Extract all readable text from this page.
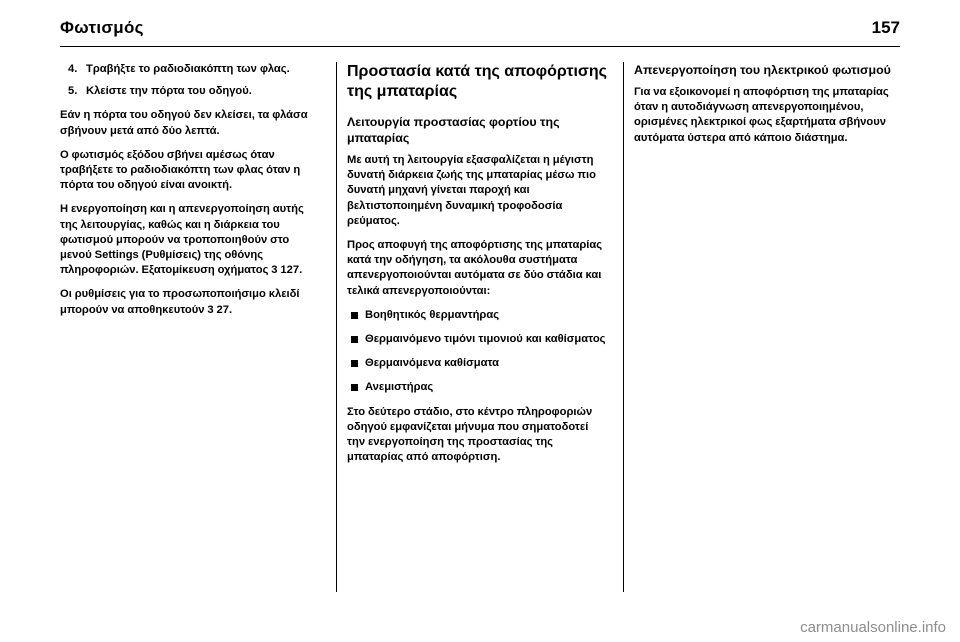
Φωτισμός	157
4. Τραβήξτε το ραδιοδιακόπτη των φλας.
5. Κλείστε την πόρτα του οδηγού.

Εάν η πόρτα του οδηγού δεν κλείσει, τα φλάσα σβήνουν μετά από δύο λεπτά.

Ο φωτισμός εξόδου σβήνει αμέσως όταν τραβήξετε το ραδιοδιακόπτη των φλας όταν η πόρτα του οδηγού είναι ανοικτή.

Η ενεργοποίηση και η απενεργοποίηση αυτής της λειτουργίας, καθώς και η διάρκεια του φωτισμού μπορούν να τροποποιηθούν στο μενού Settings (Ρυθμίσεις) της οθόνης πληροφοριών. Εξατομίκευση οχήματος 3 127.

Οι ρυθμίσεις για το προσωποποιήσιμο κλειδί μπορούν να αποθηκευτούν 3 27.

Προστασία κατά της αποφόρτισης της μπαταρίας
Λειτουργία προστασίας φορτίου της μπαταρίας

Με αυτή τη λειτουργία εξασφαλίζεται η μέγιστη δυνατή διάρκεια ζωής της μπαταρίας μέσω πιο δυνατή μηχανή γίνεται παροχή και βελτιστοποιημένη δυναμική τροφοδοσία ρεύματος.

Προς αποφυγή της αποφόρτισης της μπαταρίας κατά την οδήγηση, τα ακόλουθα συστήματα απενεργοποιούνται αυτόματα σε δύο στάδια και τελικά απενεργοποιούνται:

Βοηθητικός θερμαντήρας
Θερμαινόμενο τιμόνι τιμονιού και καθίσματος
Θερμαινόμενα καθίσματα
Ανεμιστήρας

Στο δεύτερο στάδιο, στο κέντρο πληροφοριών οδηγού εμφανίζεται μήνυμα που σηματοδοτεί την ενεργοποίηση της προστασίας της μπαταρίας από αποφόρτιση.

Απενεργοποίηση του ηλεκτρικού φωτισμού

Για να εξοικονομεί η αποφόρτιση της μπαταρίας όταν η αυτοδιάγνωση απενεργοποιημένου, ορισμένες ηλεκτρικοί φως εξαρτήματα σβήνουν αυτόματα ύστερα από κάποιο διάστημα.

carmanualsonline.info
